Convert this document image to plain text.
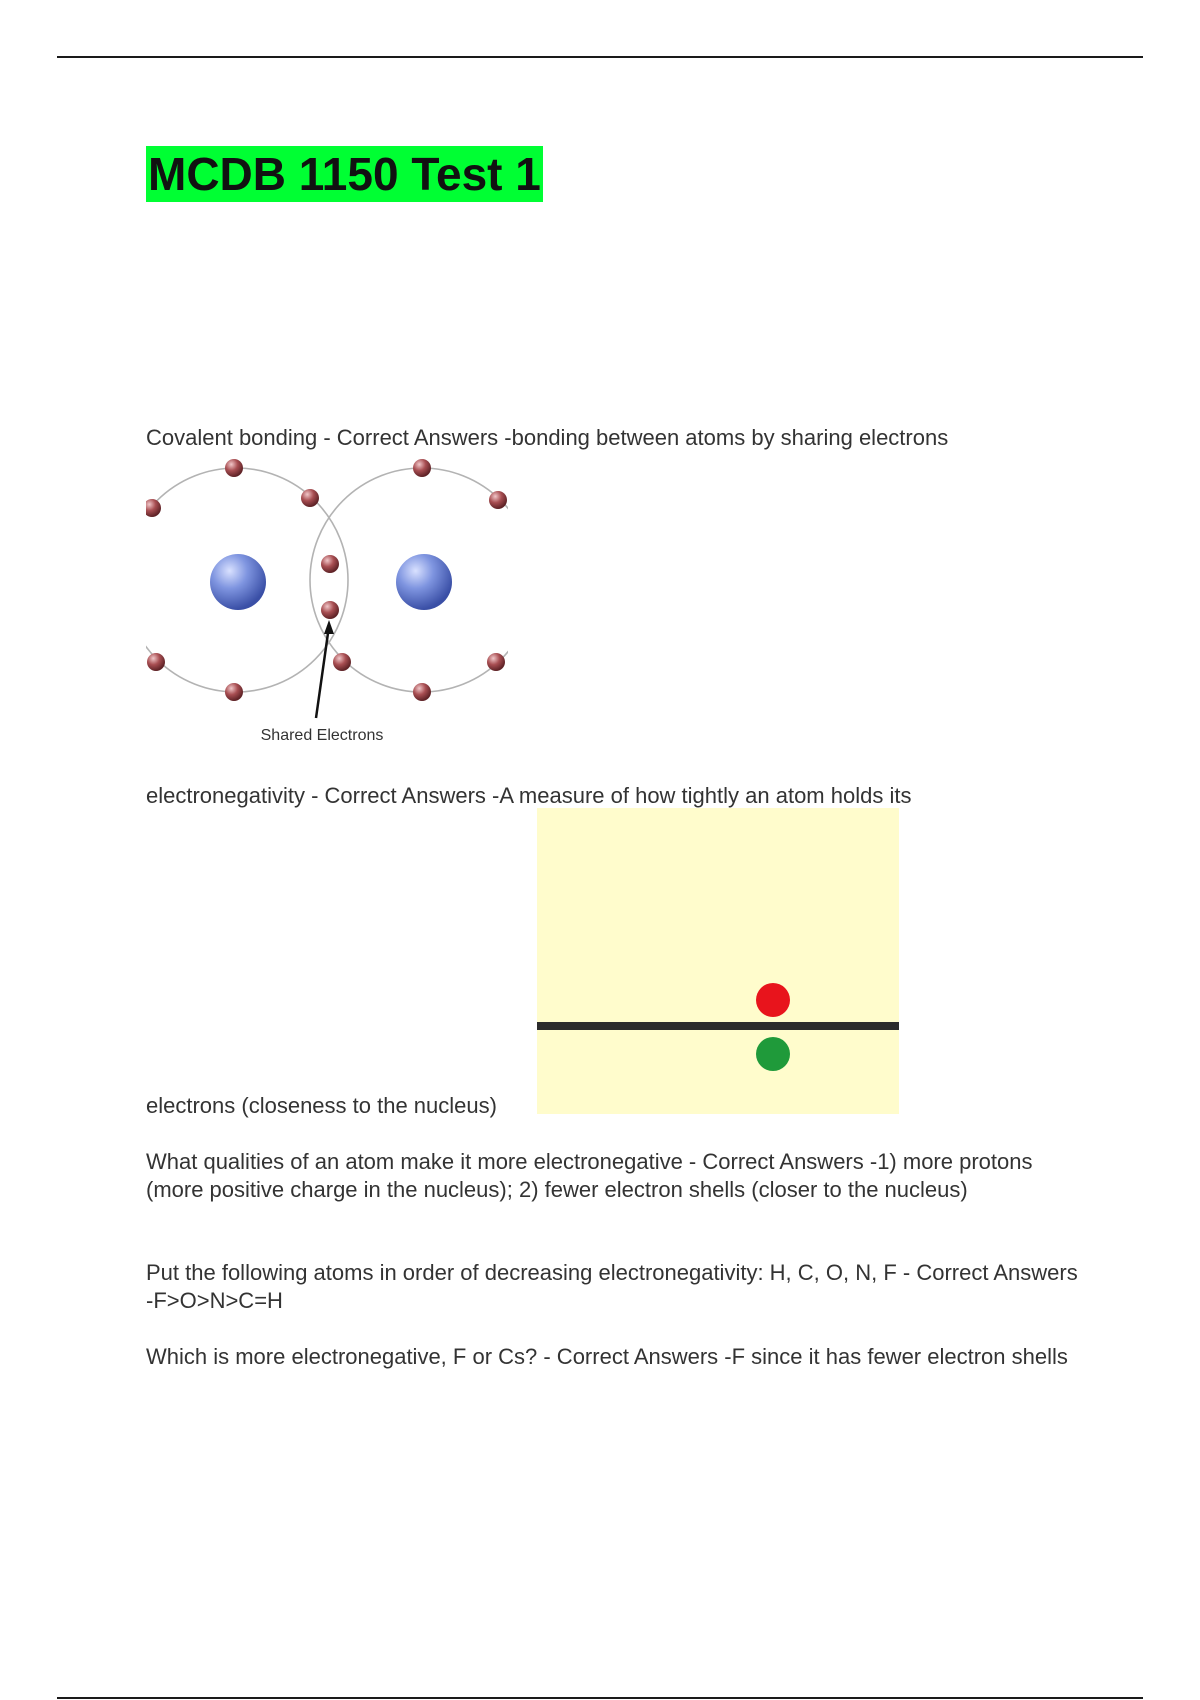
MCDB 1150 Test 1

Covalent bonding - Correct Answers -bonding between atoms by sharing electrons

Shared Electrons

electronegativity - Correct Answers -A measure of how tightly an atom holds its

electrons (closeness to the nucleus)

What qualities of an atom make it more electronegative - Correct Answers -1) more protons (more positive charge in the nucleus); 2) fewer electron shells (closer to the nucleus)

Put the following atoms in order of decreasing electronegativity: H, C, O, N, F - Correct Answers -F>O>N>C=H

Which is more electronegative, F or Cs? - Correct Answers -F since it has fewer electron shells
